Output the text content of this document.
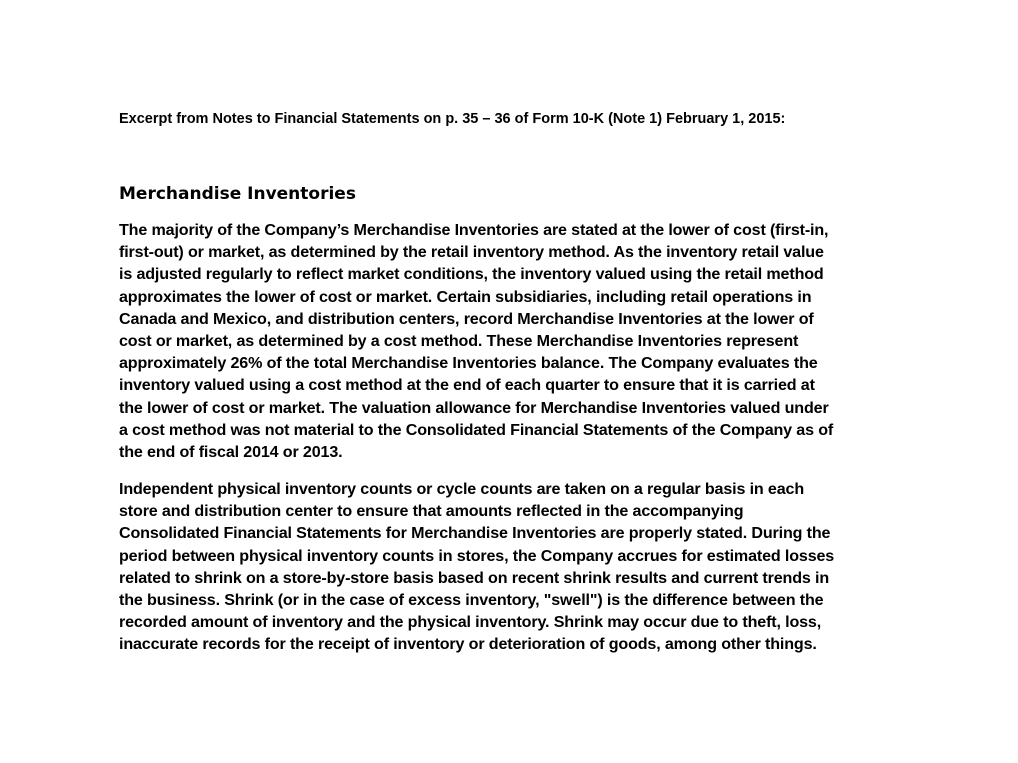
Excerpt from Notes to Financial Statements on p. 35 – 36 of Form 10-K (Note 1) February 1, 2015:
Merchandise Inventories

The majority of the Company’s Merchandise Inventories are stated at the lower of cost (first-in,
first-out) or market, as determined by the retail inventory method. As the inventory retail value
is adjusted regularly to reflect market conditions, the inventory valued using the retail method
approximates the lower of cost or market. Certain subsidiaries, including retail operations in
Canada and Mexico, and distribution centers, record Merchandise Inventories at the lower of
cost or market, as determined by a cost method. These Merchandise Inventories represent
approximately 26% of the total Merchandise Inventories balance. The Company evaluates the
inventory valued using a cost method at the end of each quarter to ensure that it is carried at
the lower of cost or market. The valuation allowance for Merchandise Inventories valued under
a cost method was not material to the Consolidated Financial Statements of the Company as of
the end of fiscal 2014 or 2013.

Independent physical inventory counts or cycle counts are taken on a regular basis in each
store and distribution center to ensure that amounts reflected in the accompanying
Consolidated Financial Statements for Merchandise Inventories are properly stated. During the
period between physical inventory counts in stores, the Company accrues for estimated losses
related to shrink on a store-by-store basis based on recent shrink results and current trends in
the business. Shrink (or in the case of excess inventory, "swell") is the difference between the
recorded amount of inventory and the physical inventory. Shrink may occur due to theft, loss,
inaccurate records for the receipt of inventory or deterioration of goods, among other things.
